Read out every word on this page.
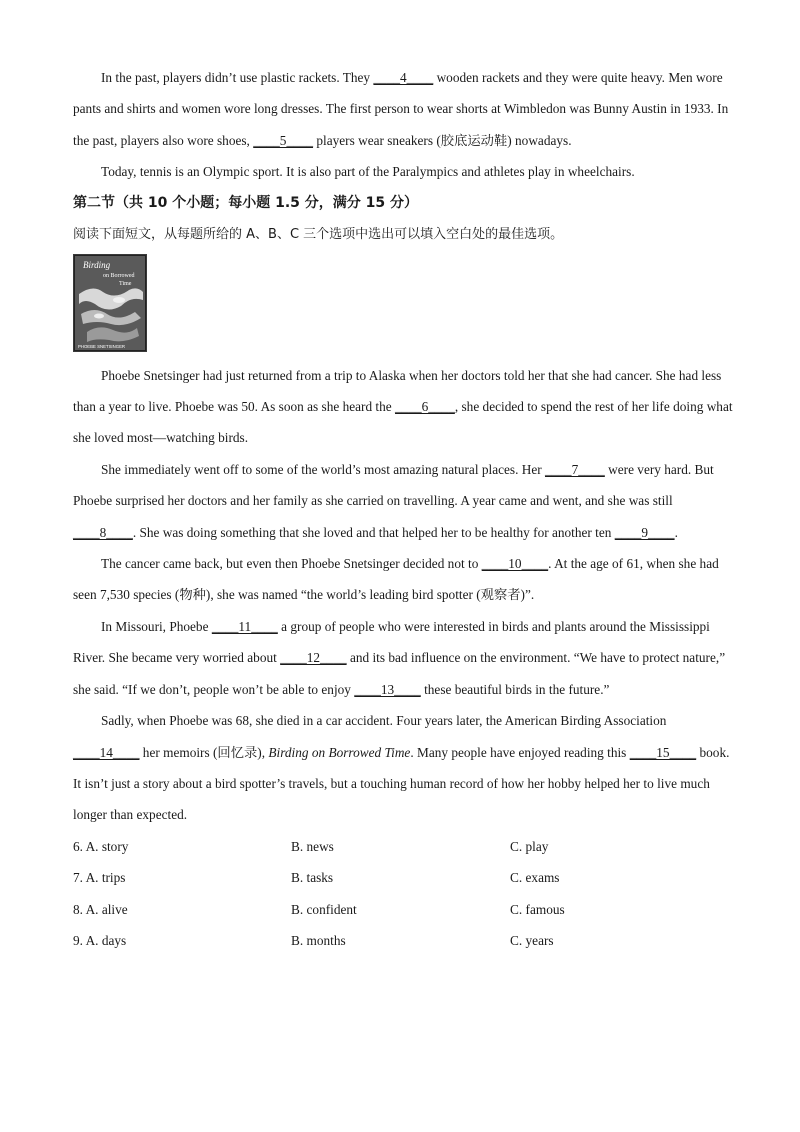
In the past, players didn’t use plastic rackets. They ____4____ wooden rackets and they were quite heavy. Men wore pants and shirts and women wore long dresses. The first person to wear shorts at Wimbledon was Bunny Austin in 1933. In the past, players also wore shoes, ____5____ players wear sneakers (胶底运动鞋) nowadays.

Today, tennis is an Olympic sport. It is also part of the Paralympics and athletes play in wheelchairs.

第二节（共 10 个小题；每小题 1.5 分，满分 15 分）

阅读下面短文，从每题所给的 A、B、C 三个选项中选出可以填入空白处的最佳选项。

Birding
on Borrowed
Time
PHOEBE SNETSINGER

Phoebe Snetsinger had just returned from a trip to Alaska when her doctors told her that she had cancer. She had less than a year to live. Phoebe was 50. As soon as she heard the ____6____, she decided to spend the rest of her life doing what she loved most—watching birds.

She immediately went off to some of the world’s most amazing natural places. Her ____7____ were very hard. But Phoebe surprised her doctors and her family as she carried on travelling. A year came and went, and she was still ____8____. She was doing something that she loved and that helped her to be healthy for another ten ____9____.

The cancer came back, but even then Phoebe Snetsinger decided not to ____10____. At the age of 61, when she had seen 7,530 species (物种), she was named “the world’s leading bird spotter (观察者)”.

In Missouri, Phoebe ____11____ a group of people who were interested in birds and plants around the Mississippi River. She became very worried about ____12____ and its bad influence on the environment. “We have to protect nature,” she said. “If we don’t, people won’t be able to enjoy ____13____ these beautiful birds in the future.”

Sadly, when Phoebe was 68, she died in a car accident. Four years later, the American Birding Association ____14____ her memoirs (回忆录), Birding on Borrowed Time. Many people have enjoyed reading this ____15____ book. It isn’t just a story about a bird spotter’s travels, but a touching human record of how her hobby helped her to live much longer than expected.

6. A. story	B. news	C. play
7. A. trips	B. tasks	C. exams
8. A. alive	B. confident	C. famous
9. A. days	B. months	C. years
